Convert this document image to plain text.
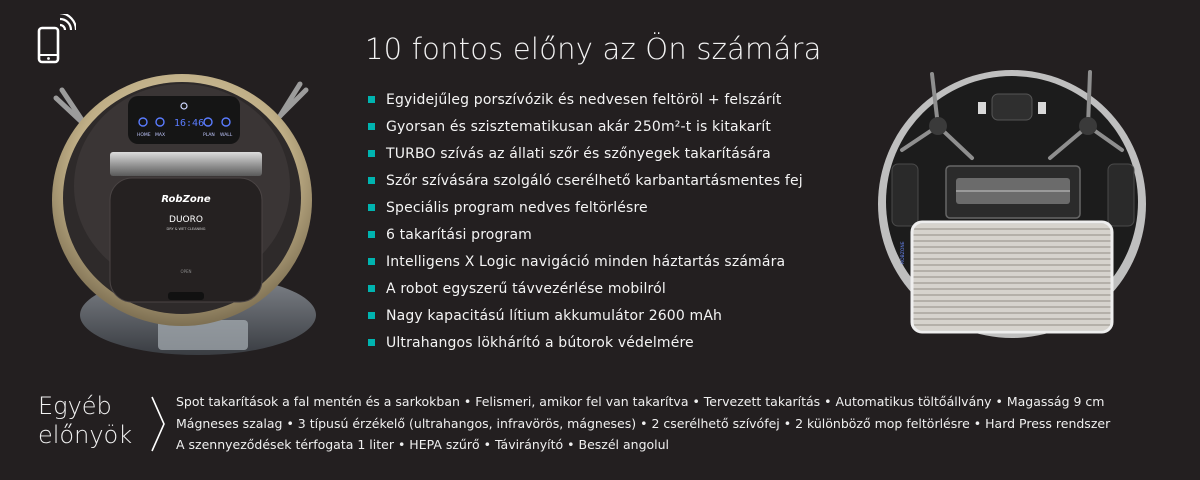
10 fontos előny az Ön számára
Egyidejűleg porszívózik és nedvesen feltöröl + felszárít
Gyorsan és szisztematikusan akár 250m²-t is kitakarít
TURBO szívás az állati szőr és szőnyegek takarítására
Szőr szívására szolgáló cserélhető karbantartásmentes fej
Speciális program nedves feltörlésre
6 takarítási program
Intelligens X Logic navigáció minden háztartás számára
A robot egyszerű távvezérlése mobilról
Nagy kapacitású lítium akkumulátor 2600 mAh
Ultrahangos lökhárító a bútorok védelmére
16:46
HOME MAX	PLAN WALL
RobZone
DUORO
DRY & WET CLEANING
OPEN
ROBZONE
Egyéb
előnyök
Spot takarítások a fal mentén és a sarkokban • Felismeri, amikor fel van takarítva • Tervezett takarítás • Automatikus töltőállvány • Magasság 9 cm
Mágneses szalag • 3 típusú érzékelő (ultrahangos, infravörös, mágneses) • 2 cserélhető szívófej • 2 különböző mop feltörlésre • Hard Press rendszer
A szennyeződések térfogata 1 liter • HEPA szűrő • Távirányító • Beszél angolul
